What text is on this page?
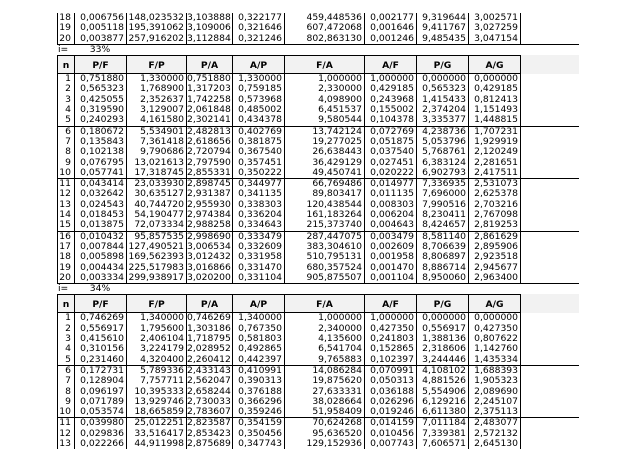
18 0,006756 148,023532 3,103888 0,322177	459,448536 0,002177 9,319644 3,002571
19 0,005118 195,391062 3,109006 0,321646	607,472068 0,001646 9,411767 3,027259
20 0,003877 257,916202 3,112884 0,321246	802,863130 0,001246 9,485435 3,047154
i=	33%
n	P/F	F/P	P/A	A/P	F/A	A/F	P/G	A/G
1 0,751880	1,330000 0,751880 1,330000	1,000000 1,000000 0,000000 0,000000
2 0,565323	1,768900 1,317203 0,759185	2,330000 0,429185 0,565323 0,429185
3 0,425055	2,352637 1,742258 0,573968	4,098900 0,243968 1,415433 0,812413
4 0,319590	3,129007 2,061848 0,485002	6,451537 0,155002 2,374204 1,151493
5 0,240293	4,161580 2,302141 0,434378	9,580544 0,104378 3,335377 1,448815
6 0,180672	5,534901 2,482813 0,402769	13,742124 0,072769 4,238736 1,707231
7 0,135843	7,361418 2,618656 0,381875	19,277025 0,051875 5,053796 1,929919
8 0,102138	9,790686 2,720794 0,367540	26,638443 0,037540 5,768761 2,120249
9 0,076795	13,021613 2,797590 0,357451	36,429129 0,027451 6,383124 2,281651
10 0,057741	17,318745 2,855331 0,350222	49,450741 0,020222 6,902793 2,417511
11 0,043414	23,033930 2,898745 0,344977	66,769486 0,014977 7,336935 2,531073
12 0,032642	30,635127 2,931387 0,341135	89,803417 0,011135 7,696000 2,625378
13 0,024543	40,744720 2,955930 0,338303	120,438544 0,008303 7,990516 2,703216
14 0,018453	54,190477 2,974384 0,336204	161,183264 0,006204 8,230411 2,767098
15 0,013875	72,073334 2,988258 0,334643	215,373740 0,004643 8,424657 2,819253
16 0,010432	95,857535 2,998690 0,333479	287,447075 0,003479 8,581140 2,861629
17 0,007844 127,490521 3,006534 0,332609	383,304610 0,002609 8,706639 2,895906
18 0,005898 169,562393 3,012432 0,331958	510,795131 0,001958 8,806897 2,923518
19 0,004434 225,517983 3,016866 0,331470	680,357524 0,001470 8,886714 2,945677
20 0,003334 299,938917 3,020200 0,331104	905,875507 0,001104 8,950060 2,963400
i=	34%
n	P/F	F/P	P/A	A/P	F/A	A/F	P/G	A/G
1 0,746269	1,340000 0,746269 1,340000	1,000000 1,000000 0,000000 0,000000
2 0,556917	1,795600 1,303186 0,767350	2,340000 0,427350 0,556917 0,427350
3 0,415610	2,406104 1,718795 0,581803	4,135600 0,241803 1,388136 0,807622
4 0,310156	3,224179 2,028952 0,492865	6,541704 0,152865 2,318606 1,142760
5 0,231460	4,320400 2,260412 0,442397	9,765883 0,102397 3,244446 1,435334
6 0,172731	5,789336 2,433143 0,410991	14,086284 0,070991 4,108102 1,688393
7 0,128904	7,757711 2,562047 0,390313	19,875620 0,050313 4,881526 1,905323
8 0,096197	10,395333 2,658244 0,376188	27,633331 0,036188 5,554906 2,089690
9 0,071789	13,929746 2,730033 0,366296	38,028664 0,026296 6,129216 2,245107
10 0,053574	18,665859 2,783607 0,359246	51,958409 0,019246 6,611380 2,375113
11 0,039980	25,012251 2,823587 0,354159	70,624268 0,014159 7,011184 2,483077
12 0,029836	33,516417 2,853423 0,350456	95,636520 0,010456 7,339381 2,572132
13 0,022266	44,911998 2,875689 0,347743	129,152936 0,007743 7,606571 2,645130
